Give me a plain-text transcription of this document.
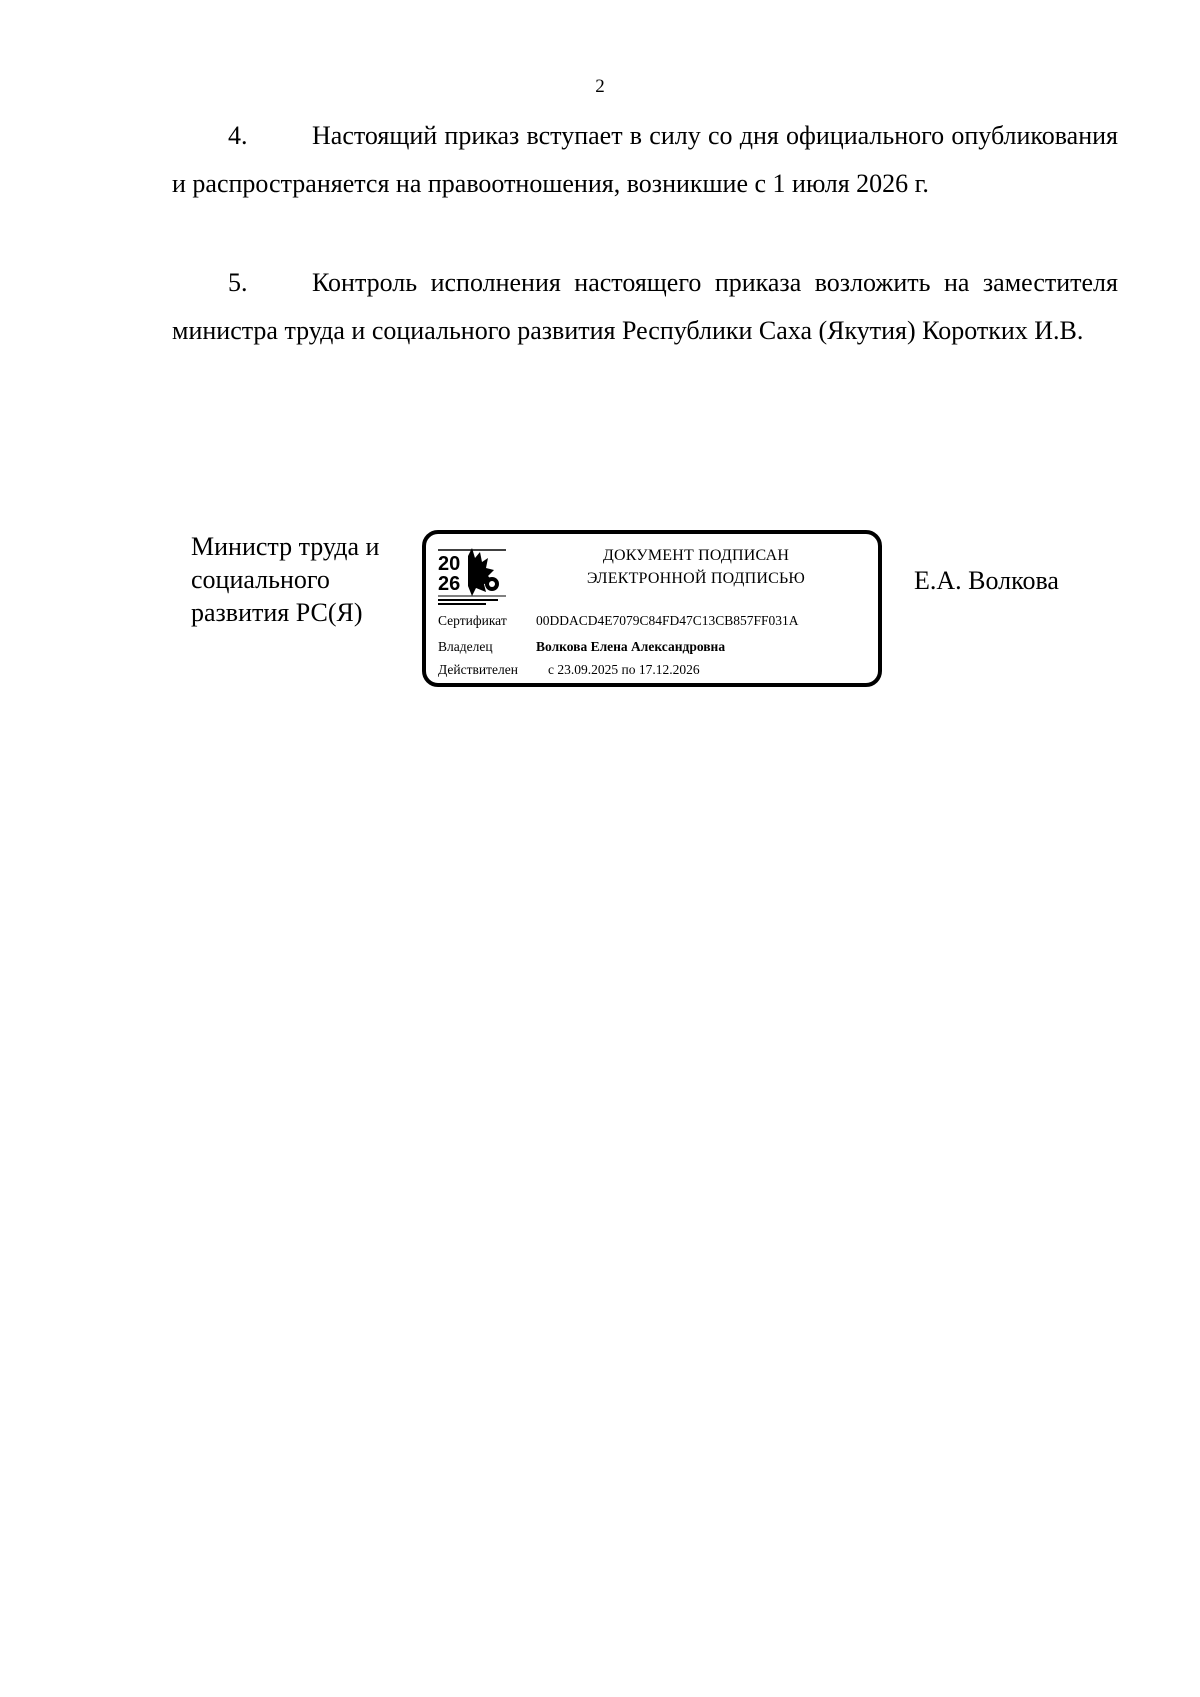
2
4. Настоящий приказ вступает в силу со дня официального опубликования и распространяется на правоотношения, возникшие с 1 июля 2026 г.
5. Контроль исполнения настоящего приказа возложить на заместителя министра труда и социального развития Республики Саха (Якутия) Коротких И.В.
Министр труда и
социального
развития РС(Я)
20
26
ДОКУМЕНТ ПОДПИСАН
ЭЛЕКТРОННОЙ ПОДПИСЬЮ
Сертификат 00DDACD4E7079C84FD47C13CB857FF031A
Владелец	Волкова Елена Александровна
Действителен с 23.09.2025 по 17.12.2026
Е.А. Волкова
